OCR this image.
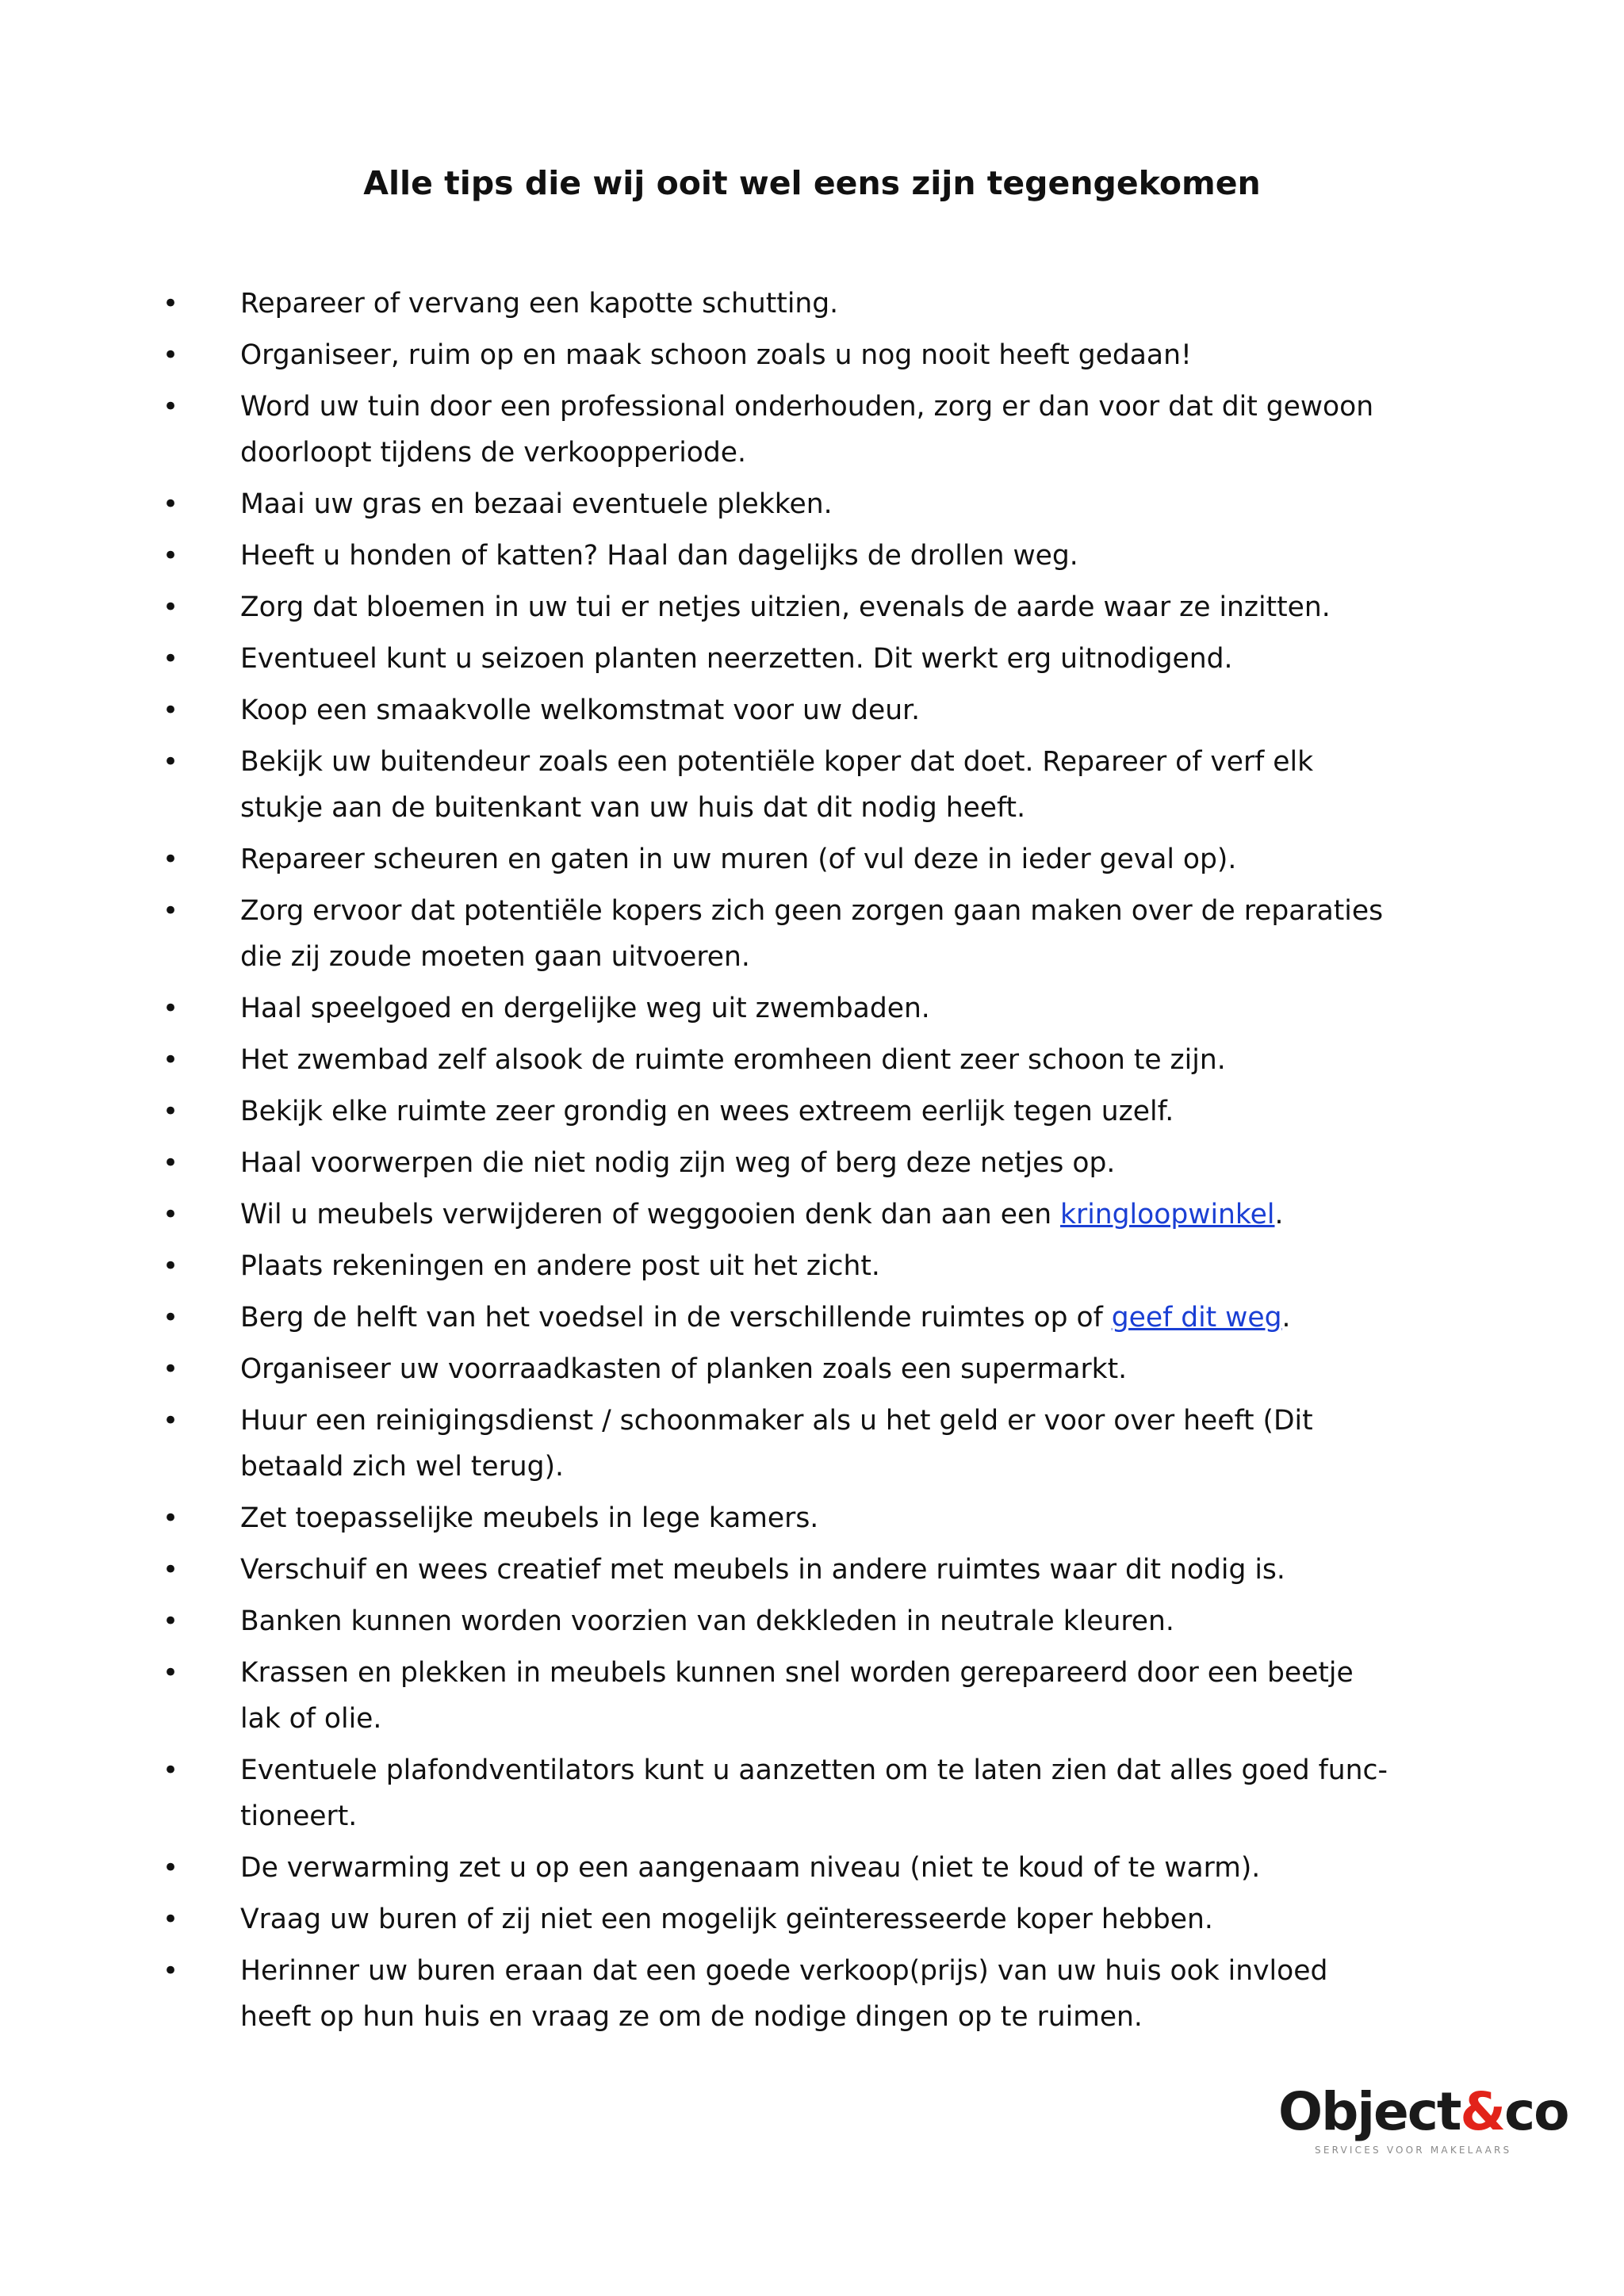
Alle tips die wij ooit wel eens zijn tegengekomen
• Repareer of vervang een kapotte schutting.
• Organiseer, ruim op en maak schoon zoals u nog nooit heeft gedaan!
• Word uw tuin door een professional onderhouden, zorg er dan voor dat dit gewoon
doorloopt tijdens de verkoopperiode.
• Maai uw gras en bezaai eventuele plekken.
• Heeft u honden of katten? Haal dan dagelijks de drollen weg.
• Zorg dat bloemen in uw tui er netjes uitzien, evenals de aarde waar ze inzitten.
• Eventueel kunt u seizoen planten neerzetten. Dit werkt erg uitnodigend.
• Koop een smaakvolle welkomstmat voor uw deur.
• Bekijk uw buitendeur zoals een potentiële koper dat doet. Repareer of verf elk
stukje aan de buitenkant van uw huis dat dit nodig heeft.
• Repareer scheuren en gaten in uw muren (of vul deze in ieder geval op).
• Zorg ervoor dat potentiële kopers zich geen zorgen gaan maken over de reparaties
die zij zoude moeten gaan uitvoeren.
• Haal speelgoed en dergelijke weg uit zwembaden.
• Het zwembad zelf alsook de ruimte eromheen dient zeer schoon te zijn.
• Bekijk elke ruimte zeer grondig en wees extreem eerlijk tegen uzelf.
• Haal voorwerpen die niet nodig zijn weg of berg deze netjes op.
• Wil u meubels verwijderen of weggooien denk dan aan een kringloopwinkel.
• Plaats rekeningen en andere post uit het zicht.
• Berg de helft van het voedsel in de verschillende ruimtes op of geef dit weg.
• Organiseer uw voorraadkasten of planken zoals een supermarkt.
• Huur een reinigingsdienst / schoonmaker als u het geld er voor over heeft (Dit
betaald zich wel terug).
• Zet toepasselijke meubels in lege kamers.
• Verschuif en wees creatief met meubels in andere ruimtes waar dit nodig is.
• Banken kunnen worden voorzien van dekkleden in neutrale kleuren.
• Krassen en plekken in meubels kunnen snel worden gerepareerd door een beetje
lak of olie.
• Eventuele plafondventilators kunt u aanzetten om te laten zien dat alles goed func-
tioneert.
• De verwarming zet u op een aangenaam niveau (niet te koud of te warm).
• Vraag uw buren of zij niet een mogelijk geïnteresseerde koper hebben.
• Herinner uw buren eraan dat een goede verkoop(prijs) van uw huis ook invloed
heeft op hun huis en vraag ze om de nodige dingen op te ruimen.
Object&co
SERVICES VOOR MAKELAARS
